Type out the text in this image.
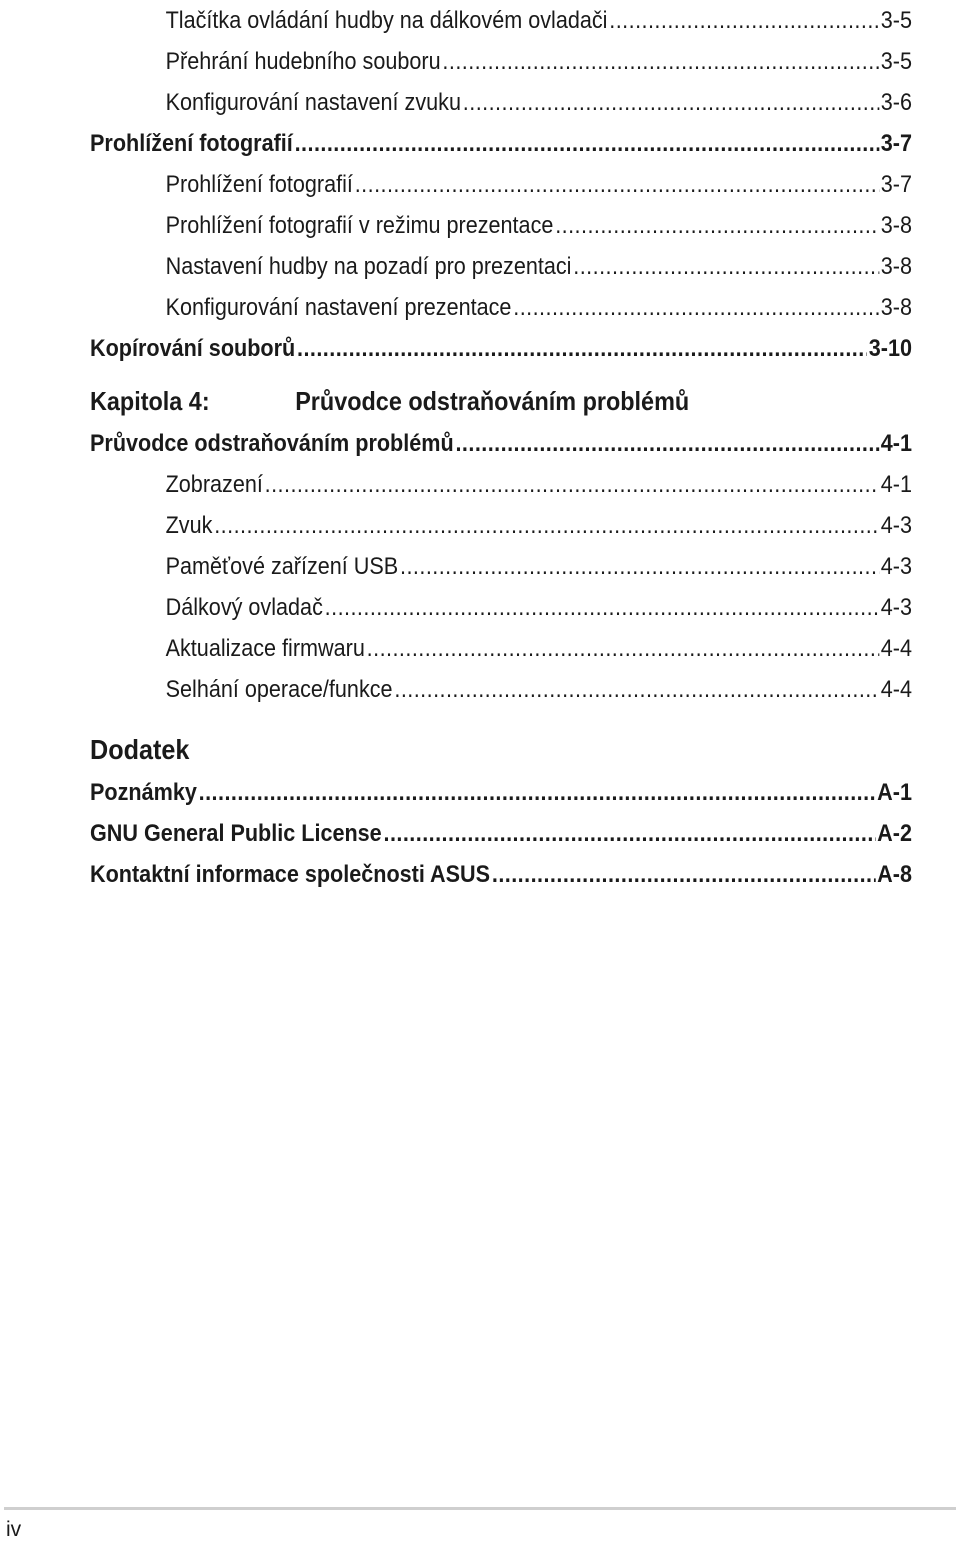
Tlačítka ovládání hudby na dálkovém ovladači .....	3-5
Přehrání hudebního souboru .....	3-5
Konfigurování nastavení zvuku .....	3-6
Prohlížení fotografií .....	3-7
Prohlížení fotografií .....	3-7
Prohlížení fotografií v režimu prezentace .....	3-8
Nastavení hudby na pozadí pro prezentaci .....	3-8
Konfigurování nastavení prezentace .....	3-8
Kopírování souborů .....	3-10
Kapitola 4:	Průvodce odstraňováním problémů
Průvodce odstraňováním problémů .....	4-1
Zobrazení .....	4-1
Zvuk .....	4-3
Paměťové zařízení USB .....	4-3
Dálkový ovladač .....	4-3
Aktualizace firmwaru .....	4-4
Selhání operace/funkce .....	4-4
Dodatek
Poznámky .....	A-1
GNU General Public License .....	A-2
Kontaktní informace společnosti ASUS .....	A-8
iv
